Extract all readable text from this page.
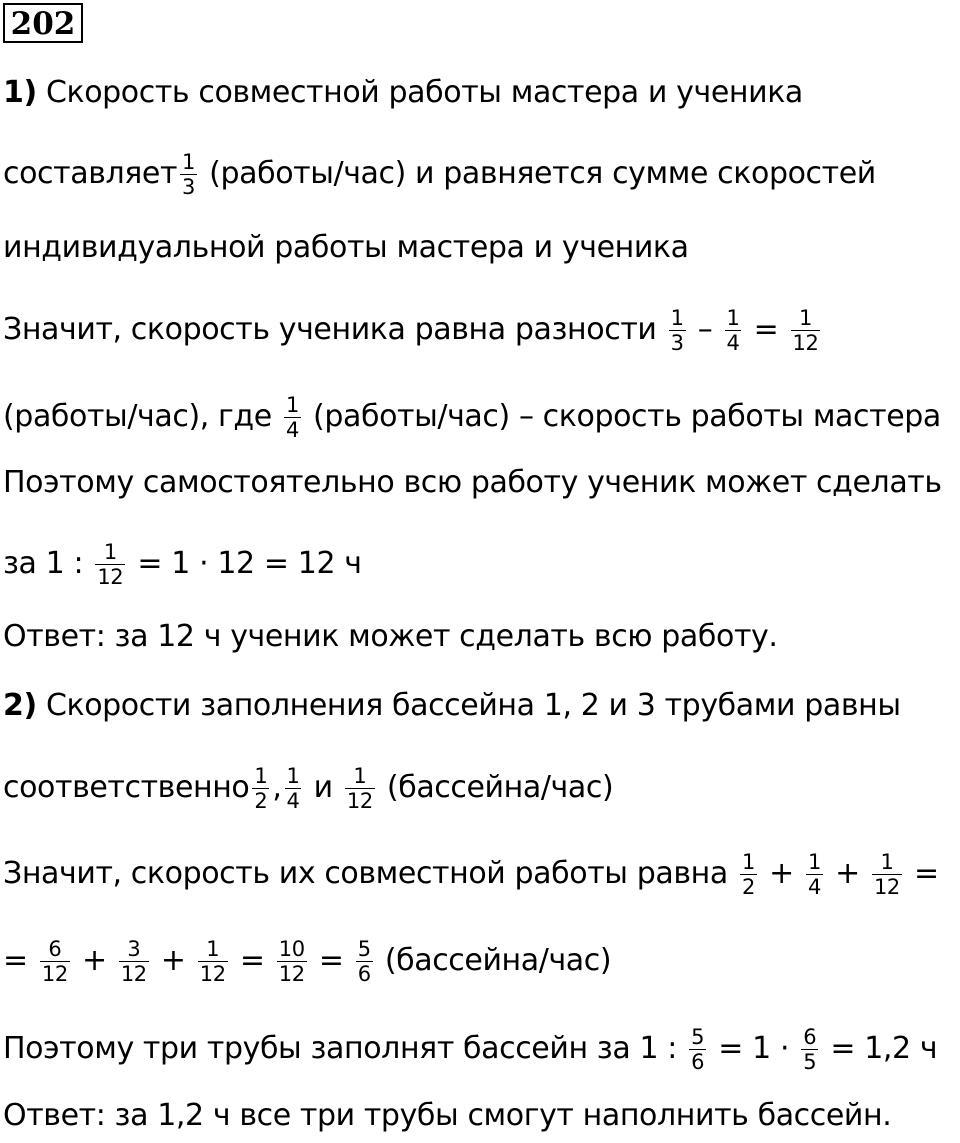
202
1) Скорость совместной работы мастера и ученика
составляет $\frac{1}{3}$ (работы/час) и равняется сумме скоростей
индивидуальной работы мастера и ученика
Значит, скорость ученика равна разности $\frac{1}{3} - \frac{1}{4} = \frac{1}{12}$
(работы/час), где $\frac{1}{4}$ (работы/час) – скорость работы мастера
Поэтому самостоятельно всю работу ученик может сделать
за 1 : $\frac{1}{12} = 1 \cdot 12 = 12$ ч
Ответ: за 12 ч ученик может сделать всю работу.
2) Скорости заполнения бассейна 1, 2 и 3 трубами равны
соответственно $\frac{1}{2}$ , $\frac{1}{4}$ и $\frac{1}{12}$ (бассейна/час)
Значит, скорость их совместной работы равна $\frac{1}{2} + \frac{1}{4} + \frac{1}{12}$ =
= $\frac{6}{12} + \frac{3}{12} + \frac{1}{12} = \frac{10}{12} = \frac{5}{6}$ (бассейна/час)
Поэтому три трубы заполнят бассейн за 1 : $\frac{5}{6} = 1 \cdot \frac{6}{5} = 1,2$ ч
Ответ: за 1,2 ч все три трубы смогут наполнить бассейн.
